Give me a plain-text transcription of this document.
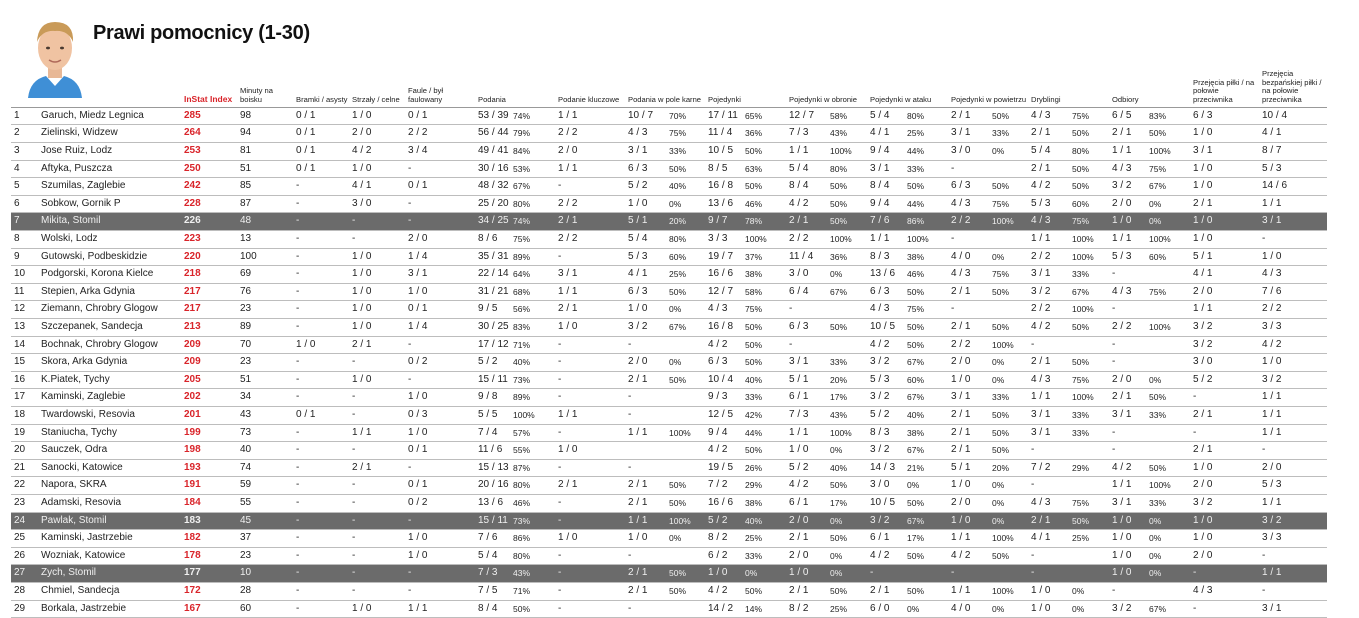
Prawi pomocnicy (1-30)
		InStat Index	Minuty na boisku	Bramki / asysty	Strzały / celne	Faule / był faulowany	Podania	Podanie kluczowe	Podania w pole karne	Pojedynki	Pojedynki w obronie	Pojedynki w ataku	Pojedynki w powietrzu	Dryblingi	Odbiory	Przejęcia piłki / na połowie przeciwnika	Przejęcia bezpańskiej piłki / na połowie przeciwnika
1	Garuch, Miedz Legnica	285	98	0 / 1	1 / 0	0 / 1	53 / 39 74%	1 / 1	10 / 7 70%	17 / 11 65%	12 / 7 58%	5 / 4 80%	2 / 1 50%	4 / 3 75%	6 / 5 83%	6 / 3	10 / 4
2	Zielinski, Widzew	264	94	0 / 1	2 / 0	2 / 2	56 / 44 79%	2 / 2	4 / 3 75%	11 / 4 36%	7 / 3 43%	4 / 1 25%	3 / 1 33%	2 / 1 50%	2 / 1 50%	1 / 0	4 / 1
3	Jose Ruiz, Lodz	253	81	0 / 1	4 / 2	3 / 4	49 / 41 84%	2 / 0	3 / 1 33%	10 / 5 50%	1 / 1 100%	9 / 4 44%	3 / 0 0%	5 / 4 80%	1 / 1 100%	3 / 1	8 / 7
4	Aftyka, Puszcza	250	51	0 / 1	1 / 0	-	30 / 16 53%	1 / 1	6 / 3 50%	8 / 5 63%	5 / 4 80%	3 / 1 33%	-	2 / 1 50%	4 / 3 75%	1 / 0	5 / 3
5	Szumilas, Zaglebie	242	85	-	4 / 1	0 / 1	48 / 32 67%	-	5 / 2 40%	16 / 8 50%	8 / 4 50%	8 / 4 50%	6 / 3 50%	4 / 2 50%	3 / 2 67%	1 / 0	14 / 6
6	Sobkow, Gornik P	228	87	-	3 / 0	-	25 / 20 80%	2 / 2	1 / 0 0%	13 / 6 46%	4 / 2 50%	9 / 4 44%	4 / 3 75%	5 / 3 60%	2 / 0 0%	2 / 1	1 / 1
7	Mikita, Stomil	226	48	-	-	-	34 / 25 74%	2 / 1	5 / 1 20%	9 / 7 78%	2 / 1 50%	7 / 6 86%	2 / 2 100%	4 / 3 75%	1 / 0 0%	1 / 0	3 / 1
8	Wolski, Lodz	223	13	-	-	2 / 0	8 / 6 75%	2 / 2	5 / 4 80%	3 / 3 100%	2 / 2 100%	1 / 1 100%	-	1 / 1 100%	1 / 1 100%	1 / 0	-
9	Gutowski, Podbeskidzie	220	100	-	1 / 0	1 / 4	35 / 31 89%	-	5 / 3 60%	19 / 7 37%	11 / 4 36%	8 / 3 38%	4 / 0 0%	2 / 2 100%	5 / 3 60%	5 / 1	1 / 0
10	Podgorski, Korona Kielce	218	69	-	1 / 0	3 / 1	22 / 14 64%	3 / 1	4 / 1 25%	16 / 6 38%	3 / 0 0%	13 / 6 46%	4 / 3 75%	3 / 1 33%	-	4 / 1	4 / 3
11	Stepien, Arka Gdynia	217	76	-	1 / 0	1 / 0	31 / 21 68%	1 / 1	6 / 3 50%	12 / 7 58%	6 / 4 67%	6 / 3 50%	2 / 1 50%	3 / 2 67%	4 / 3 75%	2 / 0	7 / 6
12	Ziemann, Chrobry Glogow	217	23	-	1 / 0	0 / 1	9 / 5 56%	2 / 1	1 / 0 0%	4 / 3 75%	-	4 / 3 75%	-	2 / 2 100%	-	1 / 1	2 / 2
13	Szczepanek, Sandecja	213	89	-	1 / 0	1 / 4	30 / 25 83%	1 / 0	3 / 2 67%	16 / 8 50%	6 / 3 50%	10 / 5 50%	2 / 1 50%	4 / 2 50%	2 / 2 100%	3 / 2	3 / 3
14	Bochnak, Chrobry Glogow	209	70	1 / 0	2 / 1	-	17 / 12 71%	-	-	4 / 2 50%	-	4 / 2 50%	2 / 2 100%	-	-	3 / 2	4 / 2
15	Skora, Arka Gdynia	209	23	-	-	0 / 2	5 / 2 40%	-	2 / 0 0%	6 / 3 50%	3 / 1 33%	3 / 2 67%	2 / 0 0%	2 / 1 50%	-	3 / 0	1 / 0
16	K.Piatek, Tychy	205	51	-	1 / 0	-	15 / 11 73%	-	2 / 1 50%	10 / 4 40%	5 / 1 20%	5 / 3 60%	1 / 0 0%	4 / 3 75%	2 / 0 0%	5 / 2	3 / 2
17	Kaminski, Zaglebie	202	34	-	-	1 / 0	9 / 8 89%	-	-	9 / 3 33%	6 / 1 17%	3 / 2 67%	3 / 1 33%	1 / 1 100%	2 / 1 50%	-	1 / 1
18	Twardowski, Resovia	201	43	0 / 1	-	0 / 3	5 / 5 100%	1 / 1	-	12 / 5 42%	7 / 3 43%	5 / 2 40%	2 / 1 50%	3 / 1 33%	3 / 1 33%	2 / 1	1 / 1
19	Staniucha, Tychy	199	73	-	1 / 1	1 / 0	7 / 4 57%	-	1 / 1 100%	9 / 4 44%	1 / 1 100%	8 / 3 38%	2 / 1 50%	3 / 1 33%	-	-	1 / 1
20	Sauczek, Odra	198	40	-	-	0 / 1	11 / 6 55%	1 / 0		4 / 2 50%	1 / 0 0%	3 / 2 67%	2 / 1 50%	-	-	2 / 1	-
21	Sanocki, Katowice	193	74	-	2 / 1	-	15 / 13 87%	-	-	19 / 5 26%	5 / 2 40%	14 / 3 21%	5 / 1 20%	7 / 2 29%	4 / 2 50%	1 / 0	2 / 0
22	Napora, SKRA	191	59	-	-	0 / 1	20 / 16 80%	2 / 1	2 / 1 50%	7 / 2 29%	4 / 2 50%	3 / 0 0%	1 / 0 0%	-	1 / 1 100%	2 / 0	5 / 3
23	Adamski, Resovia	184	55	-	-	0 / 2	13 / 6 46%	-	2 / 1 50%	16 / 6 38%	6 / 1 17%	10 / 5 50%	2 / 0 0%	4 / 3 75%	3 / 1 33%	3 / 2	1 / 1
24	Pawlak, Stomil	183	45	-	-	-	15 / 11 73%	-	1 / 1 100%	5 / 2 40%	2 / 0 0%	3 / 2 67%	1 / 0 0%	2 / 1 50%	1 / 0 0%	1 / 0	3 / 2
25	Kaminski, Jastrzebie	182	37	-	-	1 / 0	7 / 6 86%	1 / 0	1 / 0 0%	8 / 2 25%	2 / 1 50%	6 / 1 17%	1 / 1 100%	4 / 1 25%	1 / 0 0%	1 / 0	3 / 3
26	Wozniak, Katowice	178	23	-	-	1 / 0	5 / 4 80%	-	-	6 / 2 33%	2 / 0 0%	4 / 2 50%	4 / 2 50%	-	1 / 0 0%	2 / 0	-
27	Zych, Stomil	177	10	-	-	-	7 / 3 43%	-	2 / 1 50%	1 / 0 0%	1 / 0 0%	-	-	-	1 / 0 0%	-	1 / 1
28	Chmiel, Sandecja	172	28	-	-	-	7 / 5 71%	-	2 / 1 50%	4 / 2 50%	2 / 1 50%	2 / 1 50%	1 / 1 100%	1 / 0 0%	-	4 / 3	-
29	Borkala, Jastrzebie	167	60	-	1 / 0	1 / 1	8 / 4 50%	-	-	14 / 2 14%	8 / 2 25%	6 / 0 0%	4 / 0 0%	1 / 0 0%	3 / 2 67%	-	3 / 1
